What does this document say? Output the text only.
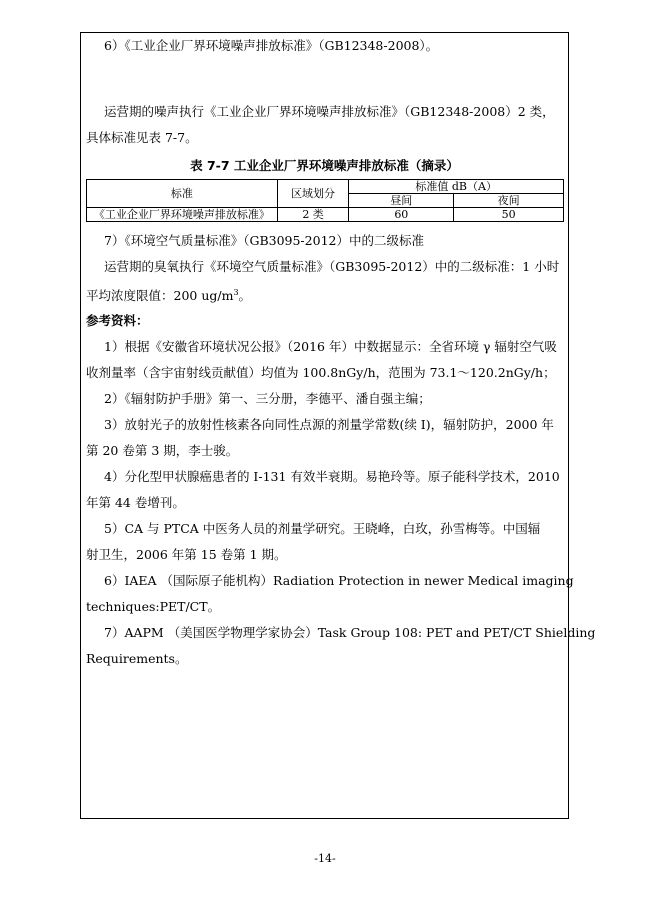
6）《工业企业厂界环境噪声排放标准》（GB12348-2008）。
运营期的噪声执行《工业企业厂界环境噪声排放标准》（GB12348-2008）2 类，
具体标准见表 7-7。
表 7-7 工业企业厂界环境噪声排放标准（摘录）
标准	区域划分	标准值 dB（A）	
		昼间	夜间
《工业企业厂界环境噪声排放标准》	2 类	60	50
7）《环境空气质量标准》（GB3095-2012）中的二级标准
运营期的臭氧执行《环境空气质量标准》（GB3095-2012）中的二级标准：1 小时
平均浓度限值：200 $ug/m^3$。
参考资料：
1）根据《安徽省环境状况公报》（2016 年）中数据显示：全省环境 γ 辐射空气吸
收剂量率（含宇宙射线贡献值）均值为 100.8nGy/h，范围为 73.1～120.2nGy/h；
2）《辐射防护手册》第一、三分册，李德平、潘自强主编；
3）放射光子的放射性核素各向同性点源的剂量学常数(续 I)，辐射防护，2000 年
第 20 卷第 3 期，李士骏。
4）分化型甲状腺癌患者的 I-131 有效半衰期。易艳玲等。原子能科学技术，2010
年第 44 卷增刊。
5）CA 与 PTCA 中医务人员的剂量学研究。王晓峰，白玫，孙雪梅等。中国辐
射卫生，2006 年第 15 卷第 1 期。
6）IAEA （国际原子能机构）Radiation Protection in newer Medical imaging
techniques:PET/CT。
7）AAPM （美国医学物理学家协会）Task Group 108: PET and PET/CT Shielding
Requirements。
-14-
